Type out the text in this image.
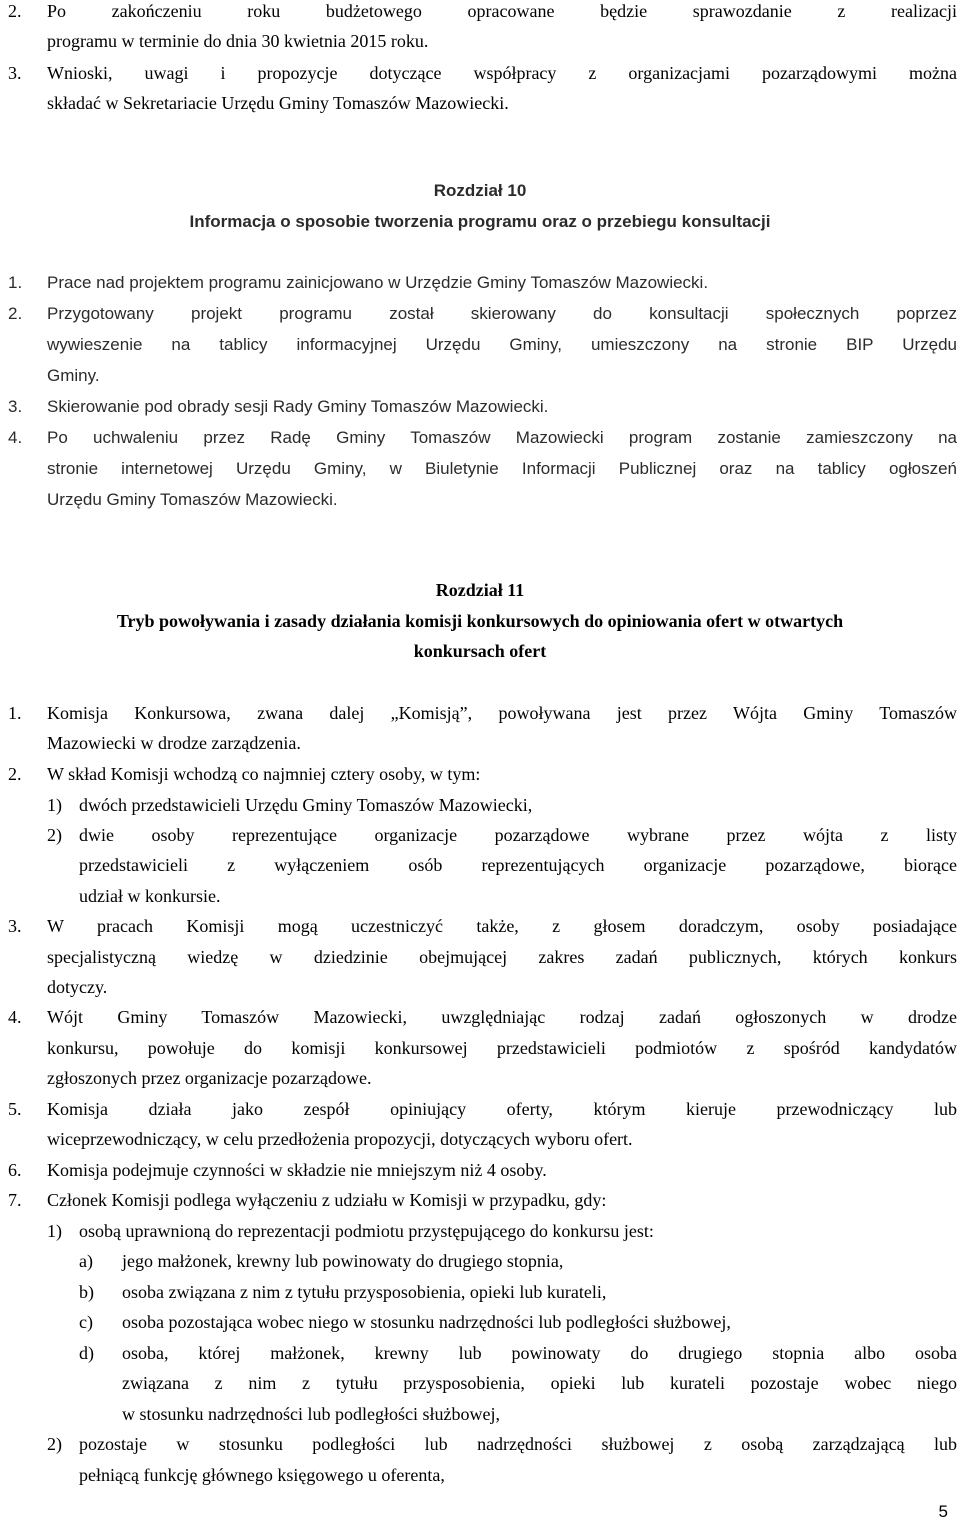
2. Po zakończeniu roku budżetowego opracowane będzie sprawozdanie z realizacji
programu w terminie do dnia 30 kwietnia 2015 roku.
3. Wnioski, uwagi i propozycje dotyczące współpracy z organizacjami pozarządowymi można
składać w Sekretariacie Urzędu Gminy Tomaszów Mazowiecki.
Rozdział 10
Informacja o sposobie tworzenia programu oraz o przebiegu konsultacji
1. Prace nad projektem programu zainicjowano w Urzędzie Gminy Tomaszów Mazowiecki.
2. Przygotowany projekt programu został skierowany do konsultacji społecznych poprzez
wywieszenie na tablicy informacyjnej Urzędu Gminy, umieszczony na stronie BIP Urzędu
Gminy.
3. Skierowanie pod obrady sesji Rady Gminy Tomaszów Mazowiecki.
4. Po uchwaleniu przez Radę Gminy Tomaszów Mazowiecki program zostanie zamieszczony na
stronie internetowej Urzędu Gminy, w Biuletynie Informacji Publicznej oraz na tablicy ogłoszeń
Urzędu Gminy Tomaszów Mazowiecki.
Rozdział 11
Tryb powoływania i zasady działania komisji konkursowych do opiniowania ofert w otwartych
konkursach ofert
1. Komisja Konkursowa, zwana dalej „Komisją”, powoływana jest przez Wójta Gminy Tomaszów
Mazowiecki w drodze zarządzenia.
2. W skład Komisji wchodzą co najmniej cztery osoby, w tym:
1) dwóch przedstawicieli Urzędu Gminy Tomaszów Mazowiecki,
2) dwie osoby reprezentujące organizacje pozarządowe wybrane przez wójta z listy
przedstawicieli z wyłączeniem osób reprezentujących organizacje pozarządowe, biorące
udział w konkursie.
3. W pracach Komisji mogą uczestniczyć także, z głosem doradczym, osoby posiadające
specjalistyczną wiedzę w dziedzinie obejmującej zakres zadań publicznych, których konkurs
dotyczy.
4. Wójt Gminy Tomaszów Mazowiecki, uwzględniając rodzaj zadań ogłoszonych w drodze
konkursu, powołuje do komisji konkursowej przedstawicieli podmiotów z spośród kandydatów
zgłoszonych przez organizacje pozarządowe.
5. Komisja działa jako zespół opiniujący oferty, którym kieruje przewodniczący lub
wiceprzewodniczący, w celu przedłożenia propozycji, dotyczących wyboru ofert.
6. Komisja podejmuje czynności w składzie nie mniejszym niż 4 osoby.
7. Członek Komisji podlega wyłączeniu z udziału w Komisji w przypadku, gdy:
1) osobą uprawnioną do reprezentacji podmiotu przystępującego do konkursu jest:
a) jego małżonek, krewny lub powinowaty do drugiego stopnia,
b) osoba związana z nim z tytułu przysposobienia, opieki lub kurateli,
c) osoba pozostająca wobec niego w stosunku nadrzędności lub podległości służbowej,
d) osoba, której małżonek, krewny lub powinowaty do drugiego stopnia albo osoba
związana z nim z tytułu przysposobienia, opieki lub kurateli pozostaje wobec niego
w stosunku nadrzędności lub podległości służbowej,
2) pozostaje w stosunku podległości lub nadrzędności służbowej z osobą zarządzającą lub
pełniącą funkcję głównego księgowego u oferenta,
5
